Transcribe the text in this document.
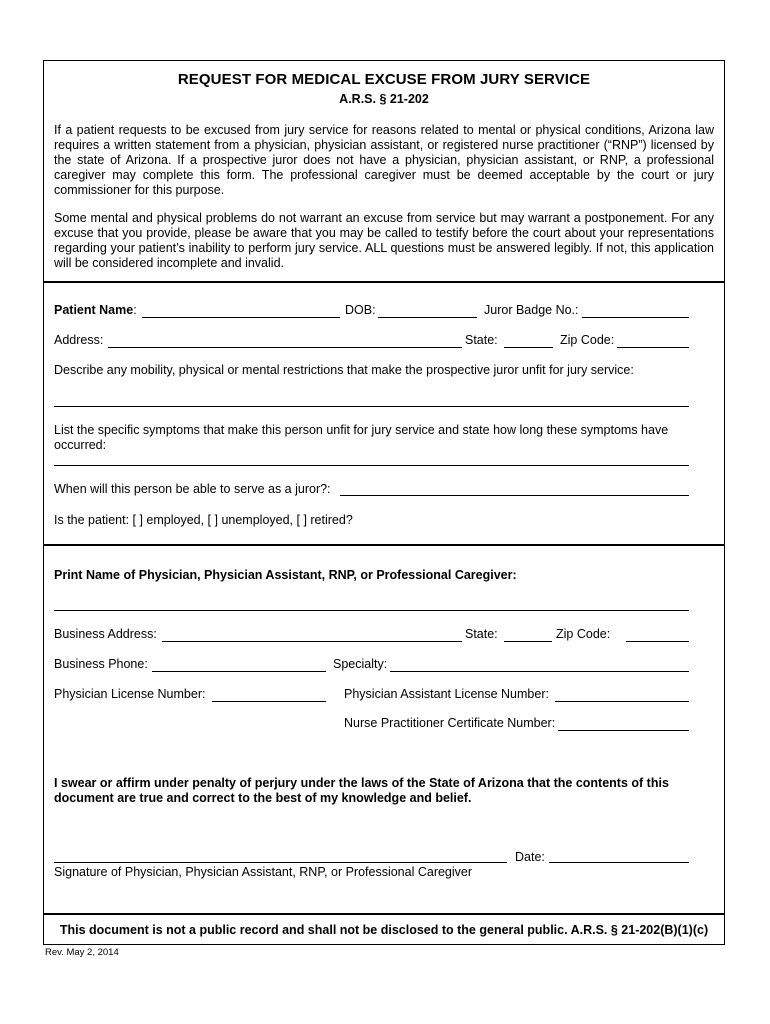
REQUEST FOR MEDICAL EXCUSE FROM JURY SERVICE
A.R.S. § 21-202
If a patient requests to be excused from jury service for reasons related to mental or physical conditions, Arizona law requires a written statement from a physician, physician assistant, or registered nurse practitioner (“RNP”) licensed by the state of Arizona. If a prospective juror does not have a physician, physician assistant, or RNP, a professional caregiver may complete this form. The professional caregiver must be deemed acceptable by the court or jury commissioner for this purpose.
Some mental and physical problems do not warrant an excuse from service but may warrant a postponement. For any excuse that you provide, please be aware that you may be called to testify before the court about your representations regarding your patient’s inability to perform jury service. ALL questions must be answered legibly. If not, this application will be considered incomplete and invalid.
Patient Name:	DOB:	Juror Badge No.:
Address:	State:	Zip Code:
Describe any mobility, physical or mental restrictions that make the prospective juror unfit for jury service:
List the specific symptoms that make this person unfit for jury service and state how long these symptoms have occurred:
When will this person be able to serve as a juror?:
Is the patient: [ ] employed, [ ] unemployed, [ ] retired?
Print Name of Physician, Physician Assistant, RNP, or Professional Caregiver:
Business Address:	State:	Zip Code:
Business Phone:	Specialty:
Physician License Number:	Physician Assistant License Number:
Nurse Practitioner Certificate Number:
I swear or affirm under penalty of perjury under the laws of the State of Arizona that the contents of this document are true and correct to the best of my knowledge and belief.
Date:
Signature of Physician, Physician Assistant, RNP, or Professional Caregiver
This document is not a public record and shall not be disclosed to the general public. A.R.S. § 21-202(B)(1)(c)
Rev. May 2, 2014
